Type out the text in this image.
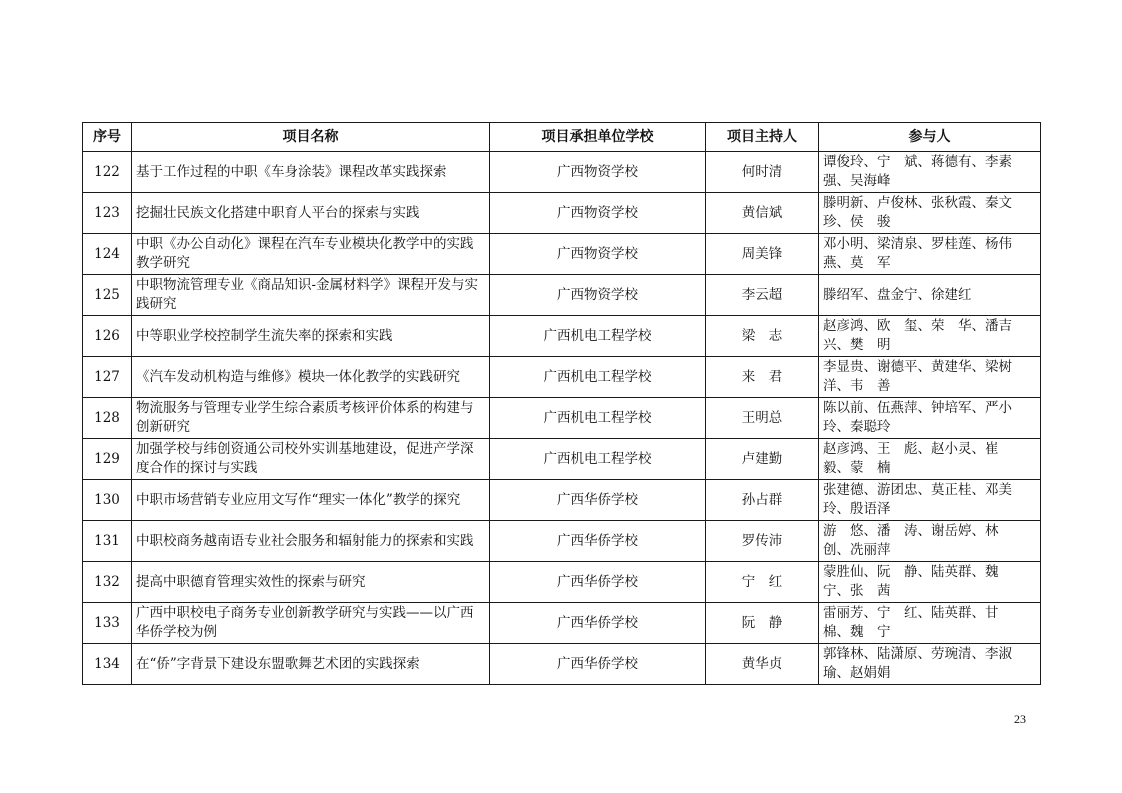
序号	项目名称	项目承担单位学校	项目主持人	参与人
122	基于工作过程的中职《车身涂装》课程改革实践探索	广西物资学校	何时清	谭俊玲、宁　斌、蒋德有、李素强、吴海峰
123	挖掘壮民族文化搭建中职育人平台的探索与实践	广西物资学校	黄信斌	滕明新、卢俊林、张秋霞、秦文珍、侯　骏
124	中职《办公自动化》课程在汽车专业模块化教学中的实践教学研究	广西物资学校	周美锋	邓小明、梁清泉、罗桂莲、杨伟燕、莫　军
125	中职物流管理专业《商品知识-金属材料学》课程开发与实践研究	广西物资学校	李云超	滕绍军、盘金宁、徐建红
126	中等职业学校控制学生流失率的探索和实践	广西机电工程学校	梁　志	赵彦鸿、欧　玺、荣　华、潘吉兴、樊　明
127	《汽车发动机构造与维修》模块一体化教学的实践研究	广西机电工程学校	来　君	李显贵、谢德平、黄建华、梁树洋、韦　善
128	物流服务与管理专业学生综合素质考核评价体系的构建与创新研究	广西机电工程学校	王明总	陈以前、伍燕萍、钟培军、严小玲、秦聪玲
129	加强学校与纬创资通公司校外实训基地建设，促进产学深度合作的探讨与实践	广西机电工程学校	卢建勤	赵彦鸿、王　彪、赵小灵、崔　毅、蒙　楠
130	中职市场营销专业应用文写作“理实一体化”教学的探究	广西华侨学校	孙占群	张建德、游团忠、莫正桂、邓美玲、殷语泽
131	中职校商务越南语专业社会服务和辐射能力的探索和实践	广西华侨学校	罗传沛	游　悠、潘　涛、谢岳婷、林　创、冼丽萍
132	提高中职德育管理实效性的探索与研究	广西华侨学校	宁　红	蒙胜仙、阮　静、陆英群、魏　宁、张　茜
133	广西中职校电子商务专业创新教学研究与实践——以广西华侨学校为例	广西华侨学校	阮　静	雷丽芳、宁　红、陆英群、甘　棉、魏　宁
134	在“侨”字背景下建设东盟歌舞艺术团的实践探索	广西华侨学校	黄华贞	郭锋林、陆潇原、劳琬清、李淑瑜、赵娟娟
23
